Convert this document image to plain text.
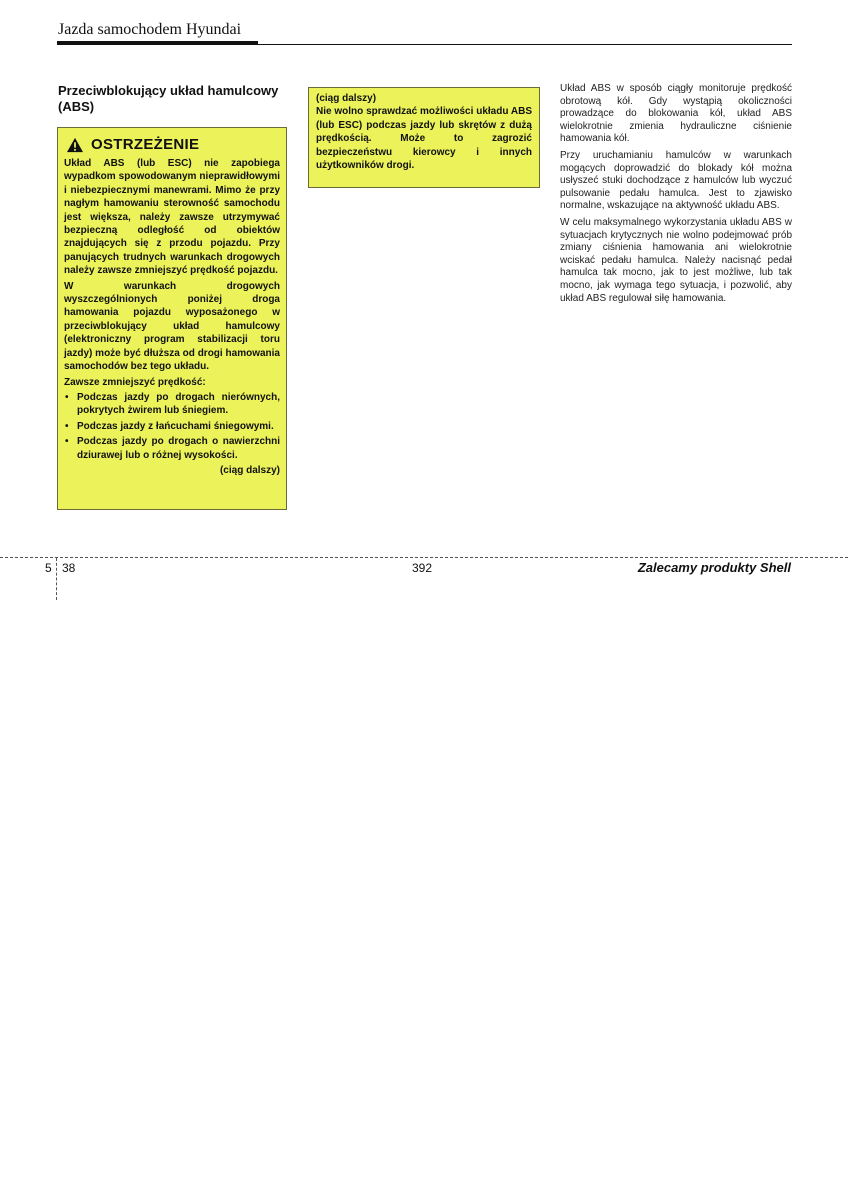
Jazda samochodem Hyundai
Przeciwblokujący układ hamulcowy (ABS)
OSTRZEŻENIE

Układ ABS (lub ESC) nie zapobiega wypadkom spowodowanym nieprawidłowymi i niebezpiecznymi manewrami. Mimo że przy nagłym hamowaniu sterowność samochodu jest większa, należy zawsze utrzymywać bezpieczną odległość od obiektów znajdujących się z przodu pojazdu. Przy panujących trudnych warunkach drogowych należy zawsze zmniejszyć prędkość pojazdu.

W warunkach drogowych wyszczególnionych poniżej droga hamowania pojazdu wyposażonego w przeciwblokujący układ hamulcowy (elektroniczny program stabilizacji toru jazdy) może być dłuższa od drogi hamowania samochodów bez tego układu.

Zawsze zmniejszyć prędkość:

• Podczas jazdy po drogach nierównych, pokrytych żwirem lub śniegiem.
• Podczas jazdy z łańcuchami śniegowymi.
• Podczas jazdy po drogach o nawierzchni dziurawej lub o różnej wysokości.
(ciąg dalszy)

(ciąg dalszy)

Nie wolno sprawdzać możliwości układu ABS (lub ESC) podczas jazdy lub skrętów z dużą prędkością. Może to zagrozić bezpieczeństwu kierowcy i innych użytkowników drogi.

Układ ABS w sposób ciągły monitoruje prędkość obrotową kół. Gdy wystąpią okoliczności prowadzące do blokowania kół, układ ABS wielokrotnie zmienia hydrauliczne ciśnienie hamowania kół.

Przy uruchamianiu hamulców w warunkach mogących doprowadzić do blokady kół można usłyszeć stuki dochodzące z hamulców lub wyczuć pulsowanie pedału hamulca. Jest to zjawisko normalne, wskazujące na aktywność układu ABS.

W celu maksymalnego wykorzystania układu ABS w sytuacjach krytycznych nie wolno podejmować prób zmiany ciśnienia hamowania ani wielokrotnie wciskać pedału hamulca. Należy nacisnąć pedał hamulca tak mocno, jak to jest możliwe, lub tak mocno, jak wymaga tego sytuacja, i pozwolić, aby układ ABS regulował siłę hamowania.

5 38	392	Zalecamy produkty Shell
